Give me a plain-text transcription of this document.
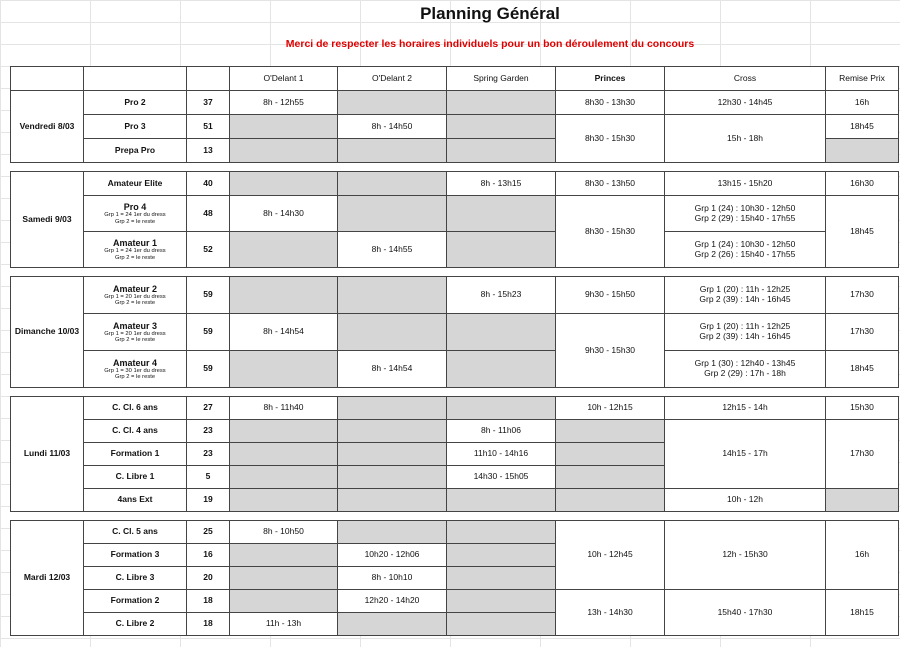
Planning Général
Merci de respecter les horaires individuels pour un bon déroulement du concours
			O'Delant 1	O'Delant 2	Spring Garden	Princes	Cross	Remise Prix
Vendredi 8/03	Pro 2	37	8h - 12h55			8h30 - 13h30	12h30 - 14h45	16h
	Pro 3	51		8h - 14h50		8h30 - 15h30	15h - 18h	18h45
	Prepa Pro	13						

Samedi 9/03	Amateur Elite	40			8h - 13h15	8h30 - 13h50	13h15 - 15h20	16h30

	Pro 4
Grp 1 = 24 1er du dress
Grp 2 = le reste	48	8h - 14h30			8h30 - 15h30	Grp 1 (24) : 10h30 - 12h50
Grp 2 (29) : 15h40 - 17h55	18h45

	Amateur 1
Grp 1 = 24 1er du dress
Grp 2 = le reste	52		8h - 14h55			Grp 1 (24) : 10h30 - 12h50
Grp 2 (26) : 15h40 - 17h55	

Dimanche 10/03	Amateur 2
Grp 1 = 20 1er du dress
Grp 2 = le reste	59			8h - 15h23	9h30 - 15h50	Grp 1 (20) : 11h - 12h25
Grp 2 (39) : 14h - 16h45	17h30

	Amateur 3
Grp 1 = 20 1er du dress
Grp 2 = le reste	59	8h - 14h54			9h30 - 15h30	Grp 1 (20) : 11h - 12h25
Grp 2 (39) : 14h - 16h45	17h30

	Amateur 4
Grp 1 = 30 1er du dress
Grp 2 = le reste	59		8h - 14h54			Grp 1 (30) : 12h40 - 13h45
Grp 2 (29) : 17h - 18h	18h45

Lundi 11/03	C. Cl. 6 ans	27	8h - 11h40			10h - 12h15	12h15 - 14h	15h30
	C. Cl. 4 ans	23			8h - 11h06		14h15 - 17h	17h30
	Formation 1	23			11h10 - 14h16			
	C. Libre 1	5			14h30 - 15h05			
	4ans Ext	19					10h - 12h	

Mardi 12/03	C. Cl. 5 ans	25	8h - 10h50			10h - 12h45	12h - 15h30	16h
	Formation 3	16		10h20 - 12h06				
	C. Libre 3	20		8h - 10h10				
	Formation 2	18		12h20 - 14h20		13h - 14h30	15h40 - 17h30	18h15
	C. Libre 2	18	11h - 13h					
